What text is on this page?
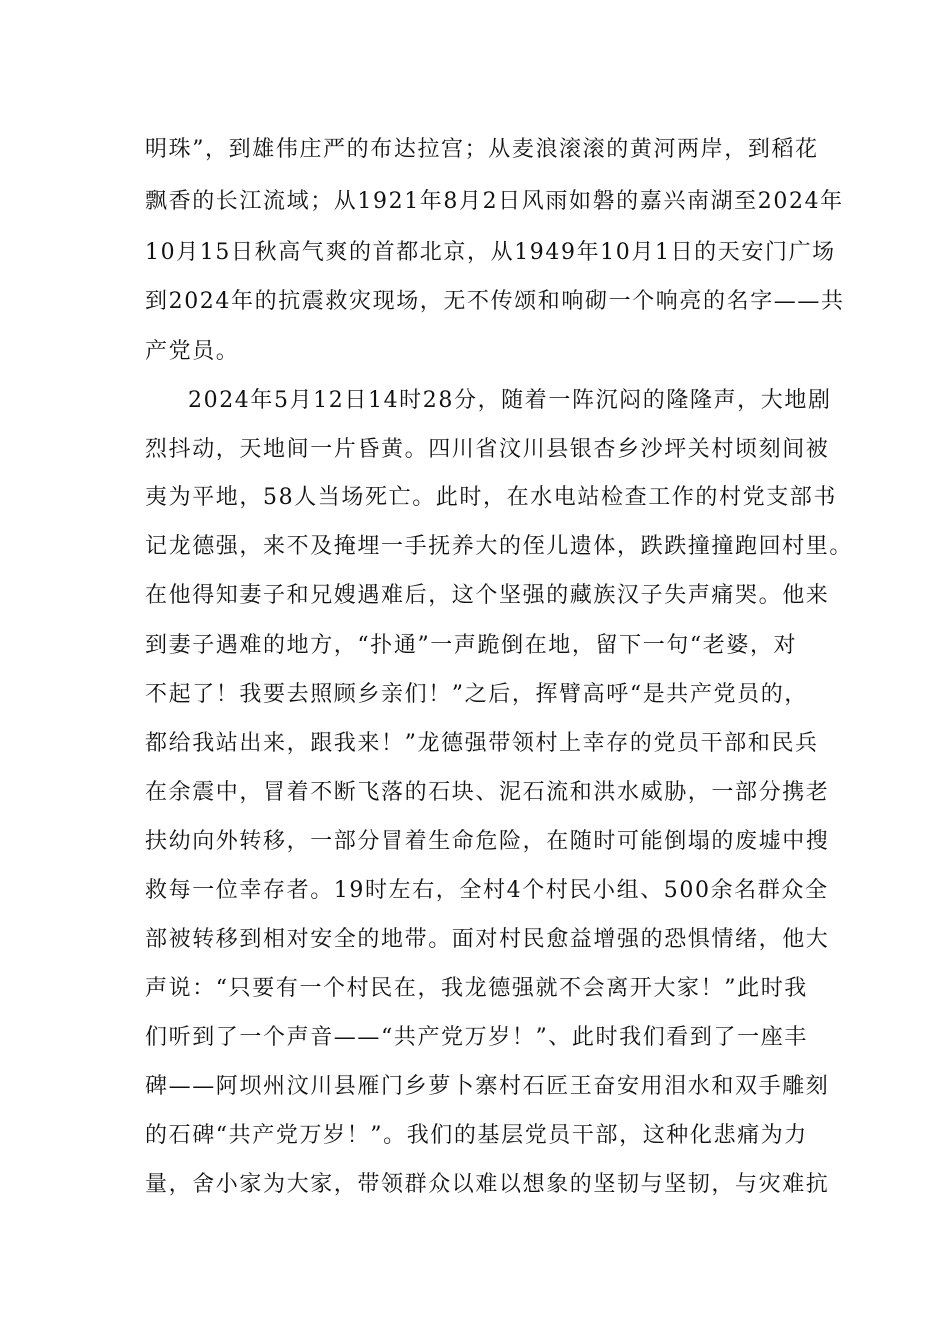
明珠”，到雄伟庄严的布达拉宫；从麦浪滚滚的黄河两岸，到稻花
飘香的长江流域；从1921年8月2日风雨如磐的嘉兴南湖至2024年
10月15日秋高气爽的首都北京，从1949年10月1日的天安门广场
到2024年的抗震救灾现场，无不传颂和响砌一个响亮的名字——共
产党员。
2024年5月12日14时28分，随着一阵沉闷的隆隆声，大地剧
烈抖动，天地间一片昏黄。四川省汶川县银杏乡沙坪关村顷刻间被
夷为平地，58人当场死亡。此时，在水电站检查工作的村党支部书
记龙德强，来不及掩埋一手抚养大的侄儿遗体，跌跌撞撞跑回村里。
在他得知妻子和兄嫂遇难后，这个坚强的藏族汉子失声痛哭。他来
到妻子遇难的地方，“扑通”一声跪倒在地，留下一句“老婆，对
不起了！我要去照顾乡亲们！”之后，挥臂高呼“是共产党员的，
都给我站出来，跟我来！”龙德强带领村上幸存的党员干部和民兵
在余震中，冒着不断飞落的石块、泥石流和洪水威胁，一部分携老
扶幼向外转移，一部分冒着生命危险，在随时可能倒塌的废墟中搜
救每一位幸存者。19时左右，全村4个村民小组、500余名群众全
部被转移到相对安全的地带。面对村民愈益增强的恐惧情绪，他大
声说：“只要有一个村民在，我龙德强就不会离开大家！”此时我
们听到了一个声音——“共产党万岁！”、此时我们看到了一座丰
碑——阿坝州汶川县雁门乡萝卜寨村石匠王奋安用泪水和双手雕刻
的石碑“共产党万岁！”。我们的基层党员干部，这种化悲痛为力
量，舍小家为大家，带领群众以难以想象的坚韧与坚韧，与灾难抗
